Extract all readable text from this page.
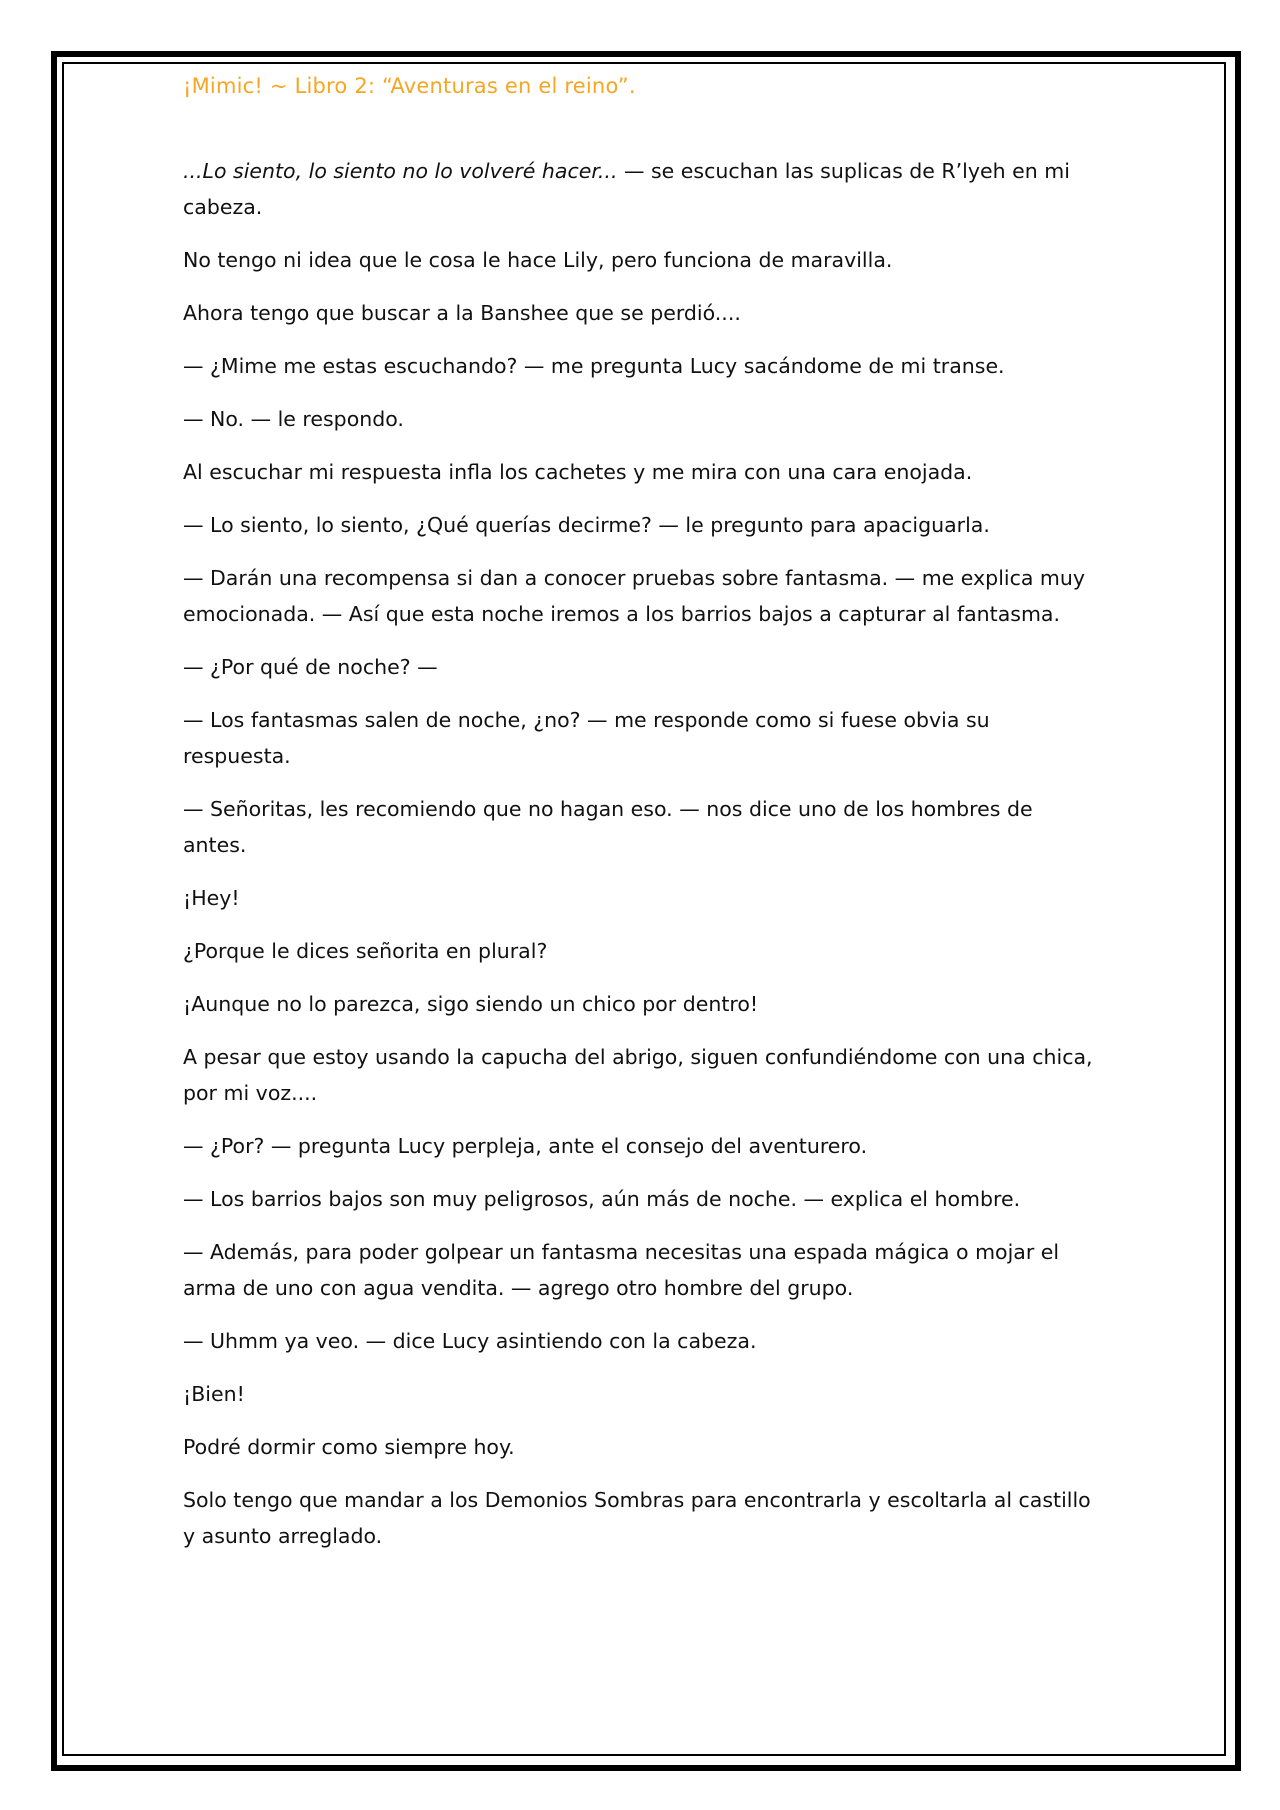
¡Mimic! ~ Libro 2: “Aventuras en el reino”.

...Lo siento, lo siento no lo volveré hacer... — se escuchan las suplicas de R’lyeh en mi cabeza.

No tengo ni idea que le cosa le hace Lily, pero funciona de maravilla.

Ahora tengo que buscar a la Banshee que se perdió....

— ¿Mime me estas escuchando? — me pregunta Lucy sacándome de mi transe.

— No. — le respondo.

Al escuchar mi respuesta infla los cachetes y me mira con una cara enojada.

— Lo siento, lo siento, ¿Qué querías decirme? — le pregunto para apaciguarla.

— Darán una recompensa si dan a conocer pruebas sobre fantasma. — me explica muy emocionada. — Así que esta noche iremos a los barrios bajos a capturar al fantasma.

— ¿Por qué de noche? —

— Los fantasmas salen de noche, ¿no? — me responde como si fuese obvia su respuesta.

— Señoritas, les recomiendo que no hagan eso. — nos dice uno de los hombres de antes.

¡Hey!

¿Porque le dices señorita en plural?

¡Aunque no lo parezca, sigo siendo un chico por dentro!

A pesar que estoy usando la capucha del abrigo, siguen confundiéndome con una chica, por mi voz....

— ¿Por? — pregunta Lucy perpleja, ante el consejo del aventurero.

— Los barrios bajos son muy peligrosos, aún más de noche. — explica el hombre.

— Además, para poder golpear un fantasma necesitas una espada mágica o mojar el arma de uno con agua vendita. — agrego otro hombre del grupo.

— Uhmm ya veo. — dice Lucy asintiendo con la cabeza.

¡Bien!

Podré dormir como siempre hoy.

Solo tengo que mandar a los Demonios Sombras para encontrarla y escoltarla al castillo y asunto arreglado.
